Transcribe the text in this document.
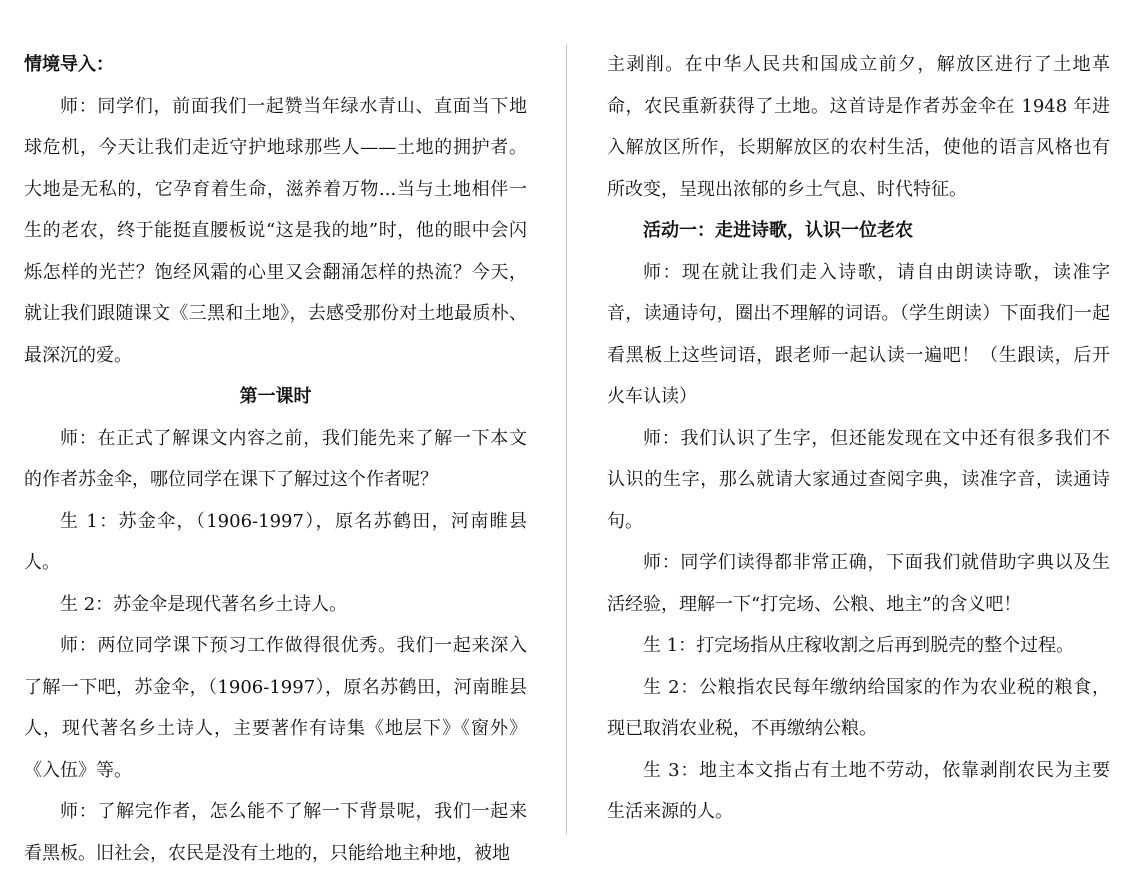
情境导入：

师：同学们，前面我们一起赞当年绿水青山、直面当下地球危机，今天让我们走近守护地球那些人——土地的拥护者。大地是无私的，它孕育着生命，滋养着万物...当与土地相伴一生的老农，终于能挺直腰板说“这是我的地”时，他的眼中会闪烁怎样的光芒？饱经风霜的心里又会翻涌怎样的热流？今天，就让我们跟随课文《三黑和土地》，去感受那份对土地最质朴、最深沉的爱。

第一课时

师：在正式了解课文内容之前，我们能先来了解一下本文的作者苏金伞，哪位同学在课下了解过这个作者呢？

生 1：苏金伞，（1906-1997），原名苏鹤田，河南睢县人。

生 2：苏金伞是现代著名乡土诗人。

师：两位同学课下预习工作做得很优秀。我们一起来深入了解一下吧，苏金伞，（1906-1997），原名苏鹤田，河南睢县人，现代著名乡土诗人，主要著作有诗集《地层下》《窗外》《入伍》等。

师：了解完作者，怎么能不了解一下背景呢，我们一起来看黑板。旧社会，农民是没有土地的，只能给地主种地，被地

主剥削。在中华人民共和国成立前夕，解放区进行了土地革命，农民重新获得了土地。这首诗是作者苏金伞在 1948 年进入解放区所作，长期解放区的农村生活，使他的语言风格也有所改变，呈现出浓郁的乡土气息、时代特征。

活动一：走进诗歌，认识一位老农

师：现在就让我们走入诗歌，请自由朗读诗歌，读准字音，读通诗句，圈出不理解的词语。（学生朗读）下面我们一起看黑板上这些词语，跟老师一起认读一遍吧！（生跟读，后开火车认读）

师：我们认识了生字，但还能发现在文中还有很多我们不认识的生字，那么就请大家通过查阅字典，读准字音，读通诗句。

师：同学们读得都非常正确，下面我们就借助字典以及生活经验，理解一下“打完场、公粮、地主”的含义吧！

生 1：打完场指从庄稼收割之后再到脱壳的整个过程。

生 2：公粮指农民每年缴纳给国家的作为农业税的粮食，现已取消农业税，不再缴纳公粮。

生 3：地主本文指占有土地不劳动，依靠剥削农民为主要生活来源的人。
